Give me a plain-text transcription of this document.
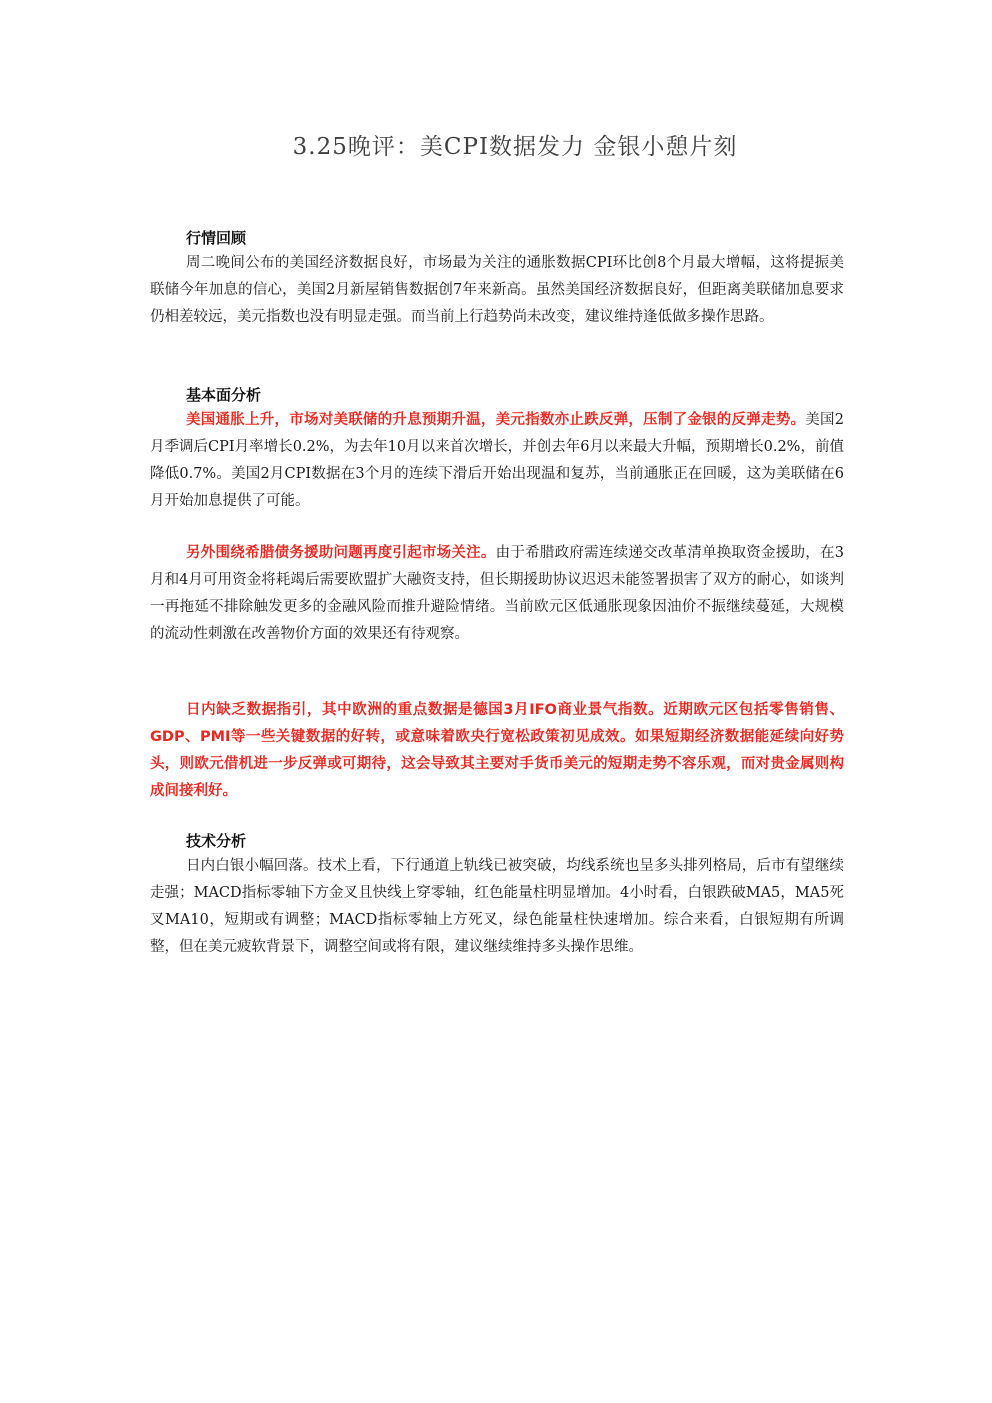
3.25晚评：美CPI数据发力 金银小憩片刻
行情回顾

周二晚间公布的美国经济数据良好，市场最为关注的通胀数据CPI环比创8个月最大增幅，这将提振美联储今年加息的信心，美国2月新屋销售数据创7年来新高。虽然美国经济数据良好，但距离美联储加息要求仍相差较远，美元指数也没有明显走强。而当前上行趋势尚未改变，建议维持逢低做多操作思路。

基本面分析

美国通胀上升，市场对美联储的升息预期升温，美元指数亦止跌反弹，压制了金银的反弹走势。美国2月季调后CPI月率增长0.2%，为去年10月以来首次增长，并创去年6月以来最大升幅，预期增长0.2%，前值降低0.7%。美国2月CPI数据在3个月的连续下滑后开始出现温和复苏，当前通胀正在回暖，这为美联储在6月开始加息提供了可能。

另外围绕希腊债务援助问题再度引起市场关注。由于希腊政府需连续递交改革清单换取资金援助，在3月和4月可用资金将耗竭后需要欧盟扩大融资支持，但长期援助协议迟迟未能签署损害了双方的耐心，如谈判一再拖延不排除触发更多的金融风险而推升避险情绪。当前欧元区低通胀现象因油价不振继续蔓延，大规模的流动性刺激在改善物价方面的效果还有待观察。

日内缺乏数据指引，其中欧洲的重点数据是德国3月IFO商业景气指数。近期欧元区包括零售销售、GDP、PMI等一些关键数据的好转，或意味着欧央行宽松政策初见成效。如果短期经济数据能延续向好势头，则欧元借机进一步反弹或可期待，这会导致其主要对手货币美元的短期走势不容乐观，而对贵金属则构成间接利好。

技术分析

日内白银小幅回落。技术上看，下行通道上轨线已被突破，均线系统也呈多头排列格局，后市有望继续走强；MACD指标零轴下方金叉且快线上穿零轴，红色能量柱明显增加。4小时看，白银跌破MA5，MA5死叉MA10，短期或有调整；MACD指标零轴上方死叉，绿色能量柱快速增加。综合来看，白银短期有所调整，但在美元疲软背景下，调整空间或将有限，建议继续维持多头操作思维。
